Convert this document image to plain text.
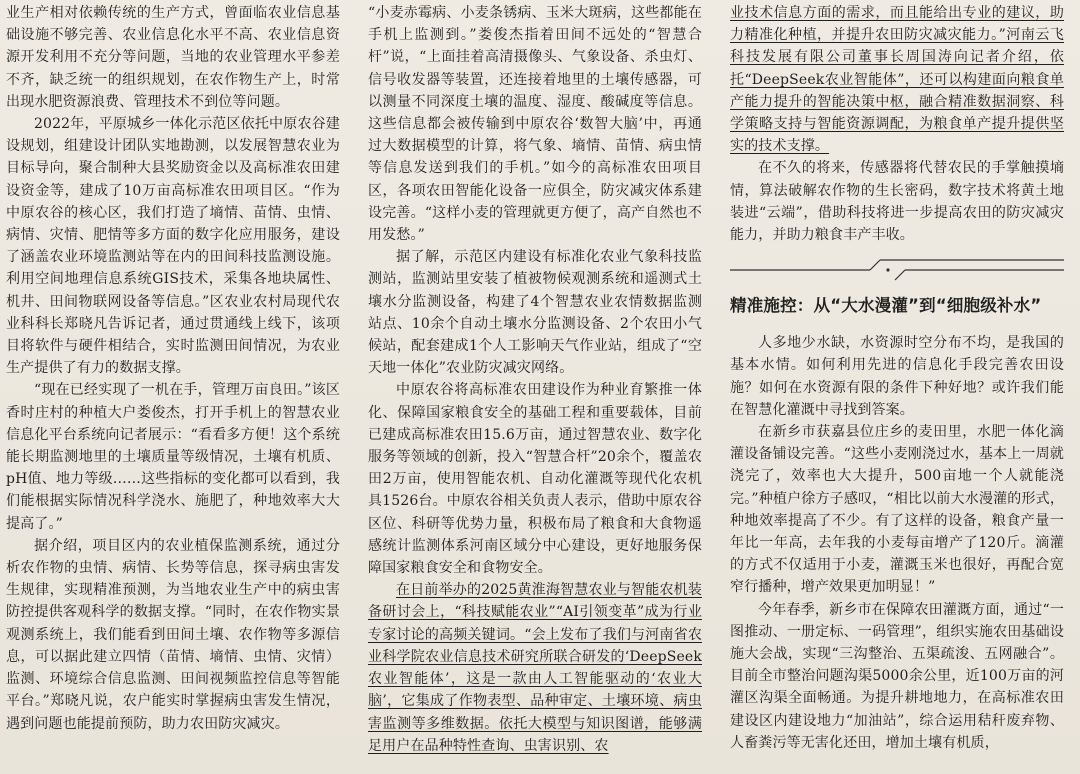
业生产相对依赖传统的生产方式，曾面临农业信息基础设施不够完善、农业信息化水平不高、农业信息资源开发利用不充分等问题，当地的农业管理水平参差不齐，缺乏统一的组织规划，在农作物生产上，时常出现水肥资源浪费、管理技术不到位等问题。

2022年，平原城乡一体化示范区依托中原农谷建设规划，组建设计团队实地勘测，以发展智慧农业为目标导向，聚合制种大县奖励资金以及高标准农田建设资金等，建成了10万亩高标准农田项目区。“作为中原农谷的核心区，我们打造了墒情、苗情、虫情、病情、灾情、肥情等多方面的数字化应用服务，建设了涵盖农业环境监测站等在内的田间科技监测设施。利用空间地理信息系统GIS技术，采集各地块属性、机井、田间物联网设备等信息。”区农业农村局现代农业科科长郑晓凡告诉记者，通过贯通线上线下，该项目将软件与硬件相结合，实时监测田间情况，为农业生产提供了有力的数据支撑。

“现在已经实现了一机在手，管理万亩良田。”该区香时庄村的种植大户娄俊杰，打开手机上的智慧农业信息化平台系统向记者展示：“看看多方便！这个系统能长期监测地里的土壤质量等级情况，土壤有机质、pH值、地力等级……这些指标的变化都可以看到，我们能根据实际情况科学浇水、施肥了，种地效率大大提高了。”

据介绍，项目区内的农业植保监测系统，通过分析农作物的虫情、病情、长势等信息，探寻病虫害发生规律，实现精准预测，为当地农业生产中的病虫害防控提供客观科学的数据支撑。“同时，在农作物实景观测系统上，我们能看到田间土壤、农作物等多源信息，可以据此建立四情（苗情、墒情、虫情、灾情）监测、环境综合信息监测、田间视频监控信息等智能平台。”郑晓凡说，农户能实时掌握病虫害发生情况，遇到问题也能提前预防，助力农田防灾减灾。

“小麦赤霉病、小麦条锈病、玉米大斑病，这些都能在手机上监测到。”娄俊杰指着田间不远处的“智慧合杆”说，“上面挂着高清摄像头、气象设备、杀虫灯、信号收发器等装置，还连接着地里的土壤传感器，可以测量不同深度土壤的温度、湿度、酸碱度等信息。这些信息都会被传输到中原农谷‘数智大脑’中，再通过大数据模型的计算，将气象、墒情、苗情、病虫情等信息发送到我们的手机。”如今的高标准农田项目区，各项农田智能化设备一应俱全，防灾减灾体系建设完善。“这样小麦的管理就更方便了，高产自然也不用发愁。”

据了解，示范区内建设有标准化农业气象科技监测站，监测站里安装了植被物候观测系统和遥测式土壤水分监测设备，构建了4个智慧农业农情数据监测站点、10余个自动土壤水分监测设备、2个农田小气候站，配套建成1个人工影响天气作业站，组成了“空天地一体化”农业防灾减灾网络。

中原农谷将高标准农田建设作为种业育繁推一体化、保障国家粮食安全的基础工程和重要载体，目前已建成高标准农田15.6万亩，通过智慧农业、数字化服务等领域的创新，投入“智慧合杆”20余个，覆盖农田2万亩，使用智能农机、自动化灌溉等现代化农机具1526台。中原农谷相关负责人表示，借助中原农谷区位、科研等优势力量，积极布局了粮食和大食物遥感统计监测体系河南区域分中心建设，更好地服务保障国家粮食安全和食物安全。

在日前举办的2025黄淮海智慧农业与智能农机装备研讨会上，“科技赋能农业”“AI引领变革”成为行业专家讨论的高频关键词。“会上发布了我们与河南省农业科学院农业信息技术研究所联合研发的‘DeepSeek农业智能体’，这是一款由人工智能驱动的‘农业大脑’，它集成了作物表型、品种审定、土壤环境、病虫害监测等多维数据。依托大模型与知识图谱，能够满足用户在品种特性查询、虫害识别、农

业技术信息方面的需求，而且能给出专业的建议，助力精准化种植，并提升农田防灾减灾能力。”河南云飞科技发展有限公司董事长周国涛向记者介绍，依托“DeepSeek农业智能体”，还可以构建面向粮食单产能力提升的智能决策中枢，融合精准数据洞察、科学策略支持与智能资源调配，为粮食单产提升提供坚实的技术支撑。

在不久的将来，传感器将代替农民的手掌触摸墒情，算法破解农作物的生长密码，数字技术将黄土地装进“云端”，借助科技将进一步提高农田的防灾减灾能力，并助力粮食丰产丰收。

精准施控：从“大水漫灌”到“细胞级补水”

人多地少水缺，水资源时空分布不均，是我国的基本水情。如何利用先进的信息化手段完善农田设施？如何在水资源有限的条件下种好地？或许我们能在智慧化灌溉中寻找到答案。

在新乡市获嘉县位庄乡的麦田里，水肥一体化滴灌设备铺设完善。“这些小麦刚浇过水，基本上一周就浇完了，效率也大大提升，500亩地一个人就能浇完。”种植户徐方子感叹，“相比以前大水漫灌的形式，种地效率提高了不少。有了这样的设备，粮食产量一年比一年高，去年我的小麦每亩增产了120斤。滴灌的方式不仅适用于小麦，灌溉玉米也很好，再配合宽窄行播种，增产效果更加明显！”

今年春季，新乡市在保障农田灌溉方面，通过“一图推动、一册定标、一码管理”，组织实施农田基础设施大会战，实现“三沟整治、五渠疏浚、五网融合”。目前全市整治问题沟渠5000余公里，近100万亩的河灌区沟渠全面畅通。为提升耕地地力，在高标准农田建设区内建设地力“加油站”，综合运用秸秆废弃物、人畜粪污等无害化还田，增加土壤有机质，
